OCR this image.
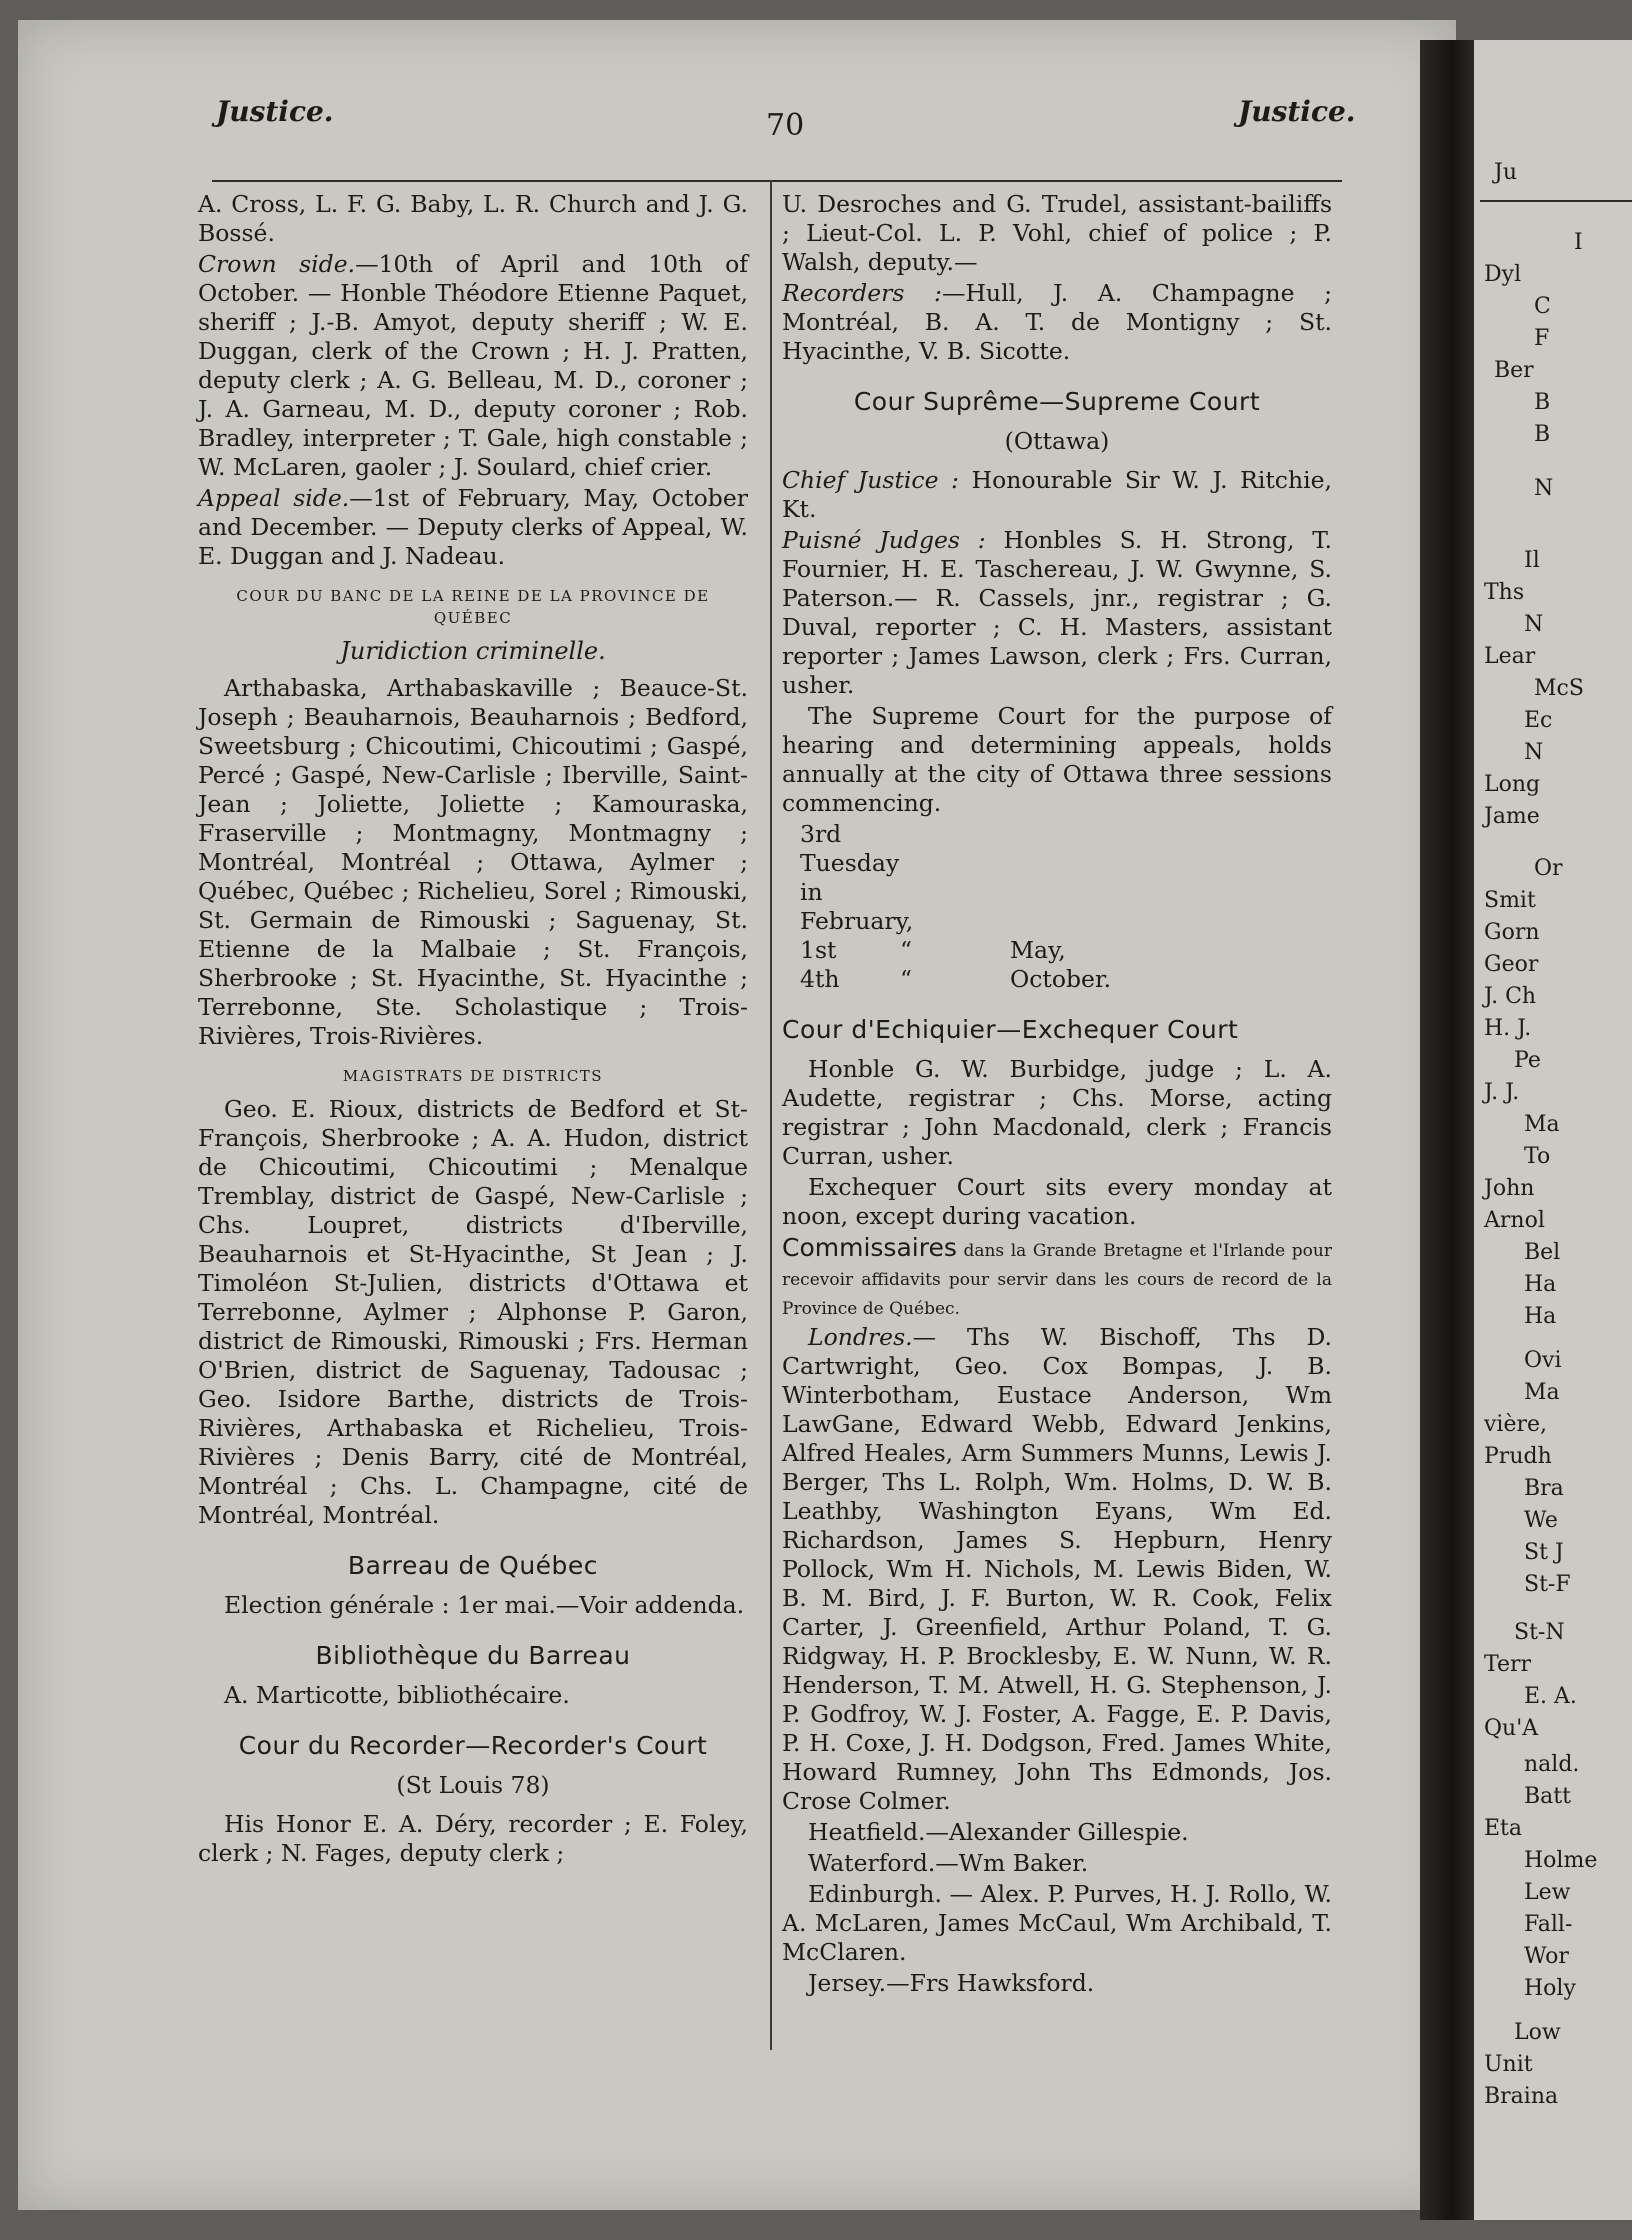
Ju
I
Dyl
C
F
Ber
B
B
N
Il
Ths
N
Lear
McS
Ec
N
Long
Jame
Or
Smit
Gorn
Geor
J. Ch
H. J.
Pe
J. J.
Ma
To
John
Arnol
Bel
Ha
Ha
Ovi
Ma
vière,
Prudh
Bra
We
St J
St-F
St-N
Terr
E. A.
Qu'A
nald.
Batt
Eta
Holme
Lew
Fall-
Wor
Holy
Low
Unit
Braina
Justice.	70	Justice.

A. Cross, L. F. G. Baby, L. R. Church and J. G. Bossé.

Crown side.—10th of April and 10th of October. — Honble Théodore Etienne Paquet, sheriff ; J.-B. Amyot, deputy sheriff ; W. E. Duggan, clerk of the Crown ; H. J. Pratten, deputy clerk ; A. G. Belleau, M. D., coroner ; J. A. Garneau, M. D., deputy coroner ; Rob. Bradley, interpreter ; T. Gale, high constable ; W. McLaren, gaoler ; J. Soulard, chief crier.

Appeal side.—1st of February, May, October and December. — Deputy clerks of Appeal, W. E. Duggan and J. Nadeau.

COUR DU BANC DE LA REINE DE LA PROVINCE DE QUÉBEC

Juridiction criminelle.

Arthabaska, Arthabaskaville ; Beauce-St. Joseph ; Beauharnois, Beauharnois ; Bedford, Sweetsburg ; Chicoutimi, Chicoutimi ; Gaspé, Percé ; Gaspé, New-Carlisle ; Iberville, Saint-Jean ; Joliette, Joliette ; Kamouraska, Fraserville ; Montmagny, Montmagny ; Montréal, Montréal ; Ottawa, Aylmer ; Québec, Québec ; Richelieu, Sorel ; Rimouski, St. Germain de Rimouski ; Saguenay, St. Etienne de la Malbaie ; St. François, Sherbrooke ; St. Hyacinthe, St. Hyacinthe ; Terrebonne, Ste. Scholastique ; Trois-Rivières, Trois-Rivières.

MAGISTRATS DE DISTRICTS

Geo. E. Rioux, districts de Bedford et St-François, Sherbrooke ; A. A. Hudon, district de Chicoutimi, Chicoutimi ; Menalque Tremblay, district de Gaspé, New-Carlisle ; Chs. Loupret, districts d'Iberville, Beauharnois et St-Hyacinthe, St Jean ; J. Timoléon St-Julien, districts d'Ottawa et Terrebonne, Aylmer ; Alphonse P. Garon, district de Rimouski, Rimouski ; Frs. Herman O'Brien, district de Saguenay, Tadousac ; Geo. Isidore Barthe, districts de Trois-Rivières, Arthabaska et Richelieu, Trois-Rivières ; Denis Barry, cité de Montréal, Montréal ; Chs. L. Champagne, cité de Montréal, Montréal.

Barreau de Québec

Election générale : 1er mai.—Voir addenda.

Bibliothèque du Barreau

A. Marticotte, bibliothécaire.

Cour du Recorder—Recorder's Court

(St Louis 78)

His Honor E. A. Déry, recorder ; E. Foley, clerk ; N. Fages, deputy clerk ;

U. Desroches and G. Trudel, assistant-bailiffs ; Lieut-Col. L. P. Vohl, chief of police ; P. Walsh, deputy.—

Recorders :—Hull, J. A. Champagne ; Montréal, B. A. T. de Montigny ; St. Hyacinthe, V. B. Sicotte.

Cour Suprême—Supreme Court

(Ottawa)

Chief Justice : Honourable Sir W. J. Ritchie, Kt.

Puisné Judges : Honbles S. H. Strong, T. Fournier, H. E. Taschereau, J. W. Gwynne, S. Paterson.— R. Cassels, jnr., registrar ; G. Duval, reporter ; C. H. Masters, assistant reporter ; James Lawson, clerk ; Frs. Curran, usher.

The Supreme Court for the purpose of hearing and determining appeals, holds annually at the city of Ottawa three sessions commencing.

3rd Tuesday in February,
1st	“	May,
4th	“	October.

Cour d'Echiquier—Exchequer Court

Honble G. W. Burbidge, judge ; L. A. Audette, registrar ; Chs. Morse, acting registrar ; John Macdonald, clerk ; Francis Curran, usher.

Exchequer Court sits every monday at noon, except during vacation.

Commissaires dans la Grande Bretagne et l'Irlande pour recevoir affidavits pour servir dans les cours de record de la Province de Québec.

Londres.— Ths W. Bischoff, Ths D. Cartwright, Geo. Cox Bompas, J. B. Winterbotham, Eustace Anderson, Wm LawGane, Edward Webb, Edward Jenkins, Alfred Heales, Arm Summers Munns, Lewis J. Berger, Ths L. Rolph, Wm. Holms, D. W. B. Leathby, Washington Eyans, Wm Ed. Richardson, James S. Hepburn, Henry Pollock, Wm H. Nichols, M. Lewis Biden, W. B. M. Bird, J. F. Burton, W. R. Cook, Felix Carter, J. Greenfield, Arthur Poland, T. G. Ridgway, H. P. Brocklesby, E. W. Nunn, W. R. Henderson, T. M. Atwell, H. G. Stephenson, J. P. Godfroy, W. J. Foster, A. Fagge, E. P. Davis, P. H. Coxe, J. H. Dodgson, Fred. James White, Howard Rumney, John Ths Edmonds, Jos. Crose Colmer.

Heatfield.—Alexander Gillespie.

Waterford.—Wm Baker.

Edinburgh. — Alex. P. Purves, H. J. Rollo, W. A. McLaren, James McCaul, Wm Archibald, T. McClaren.

Jersey.—Frs Hawksford.
